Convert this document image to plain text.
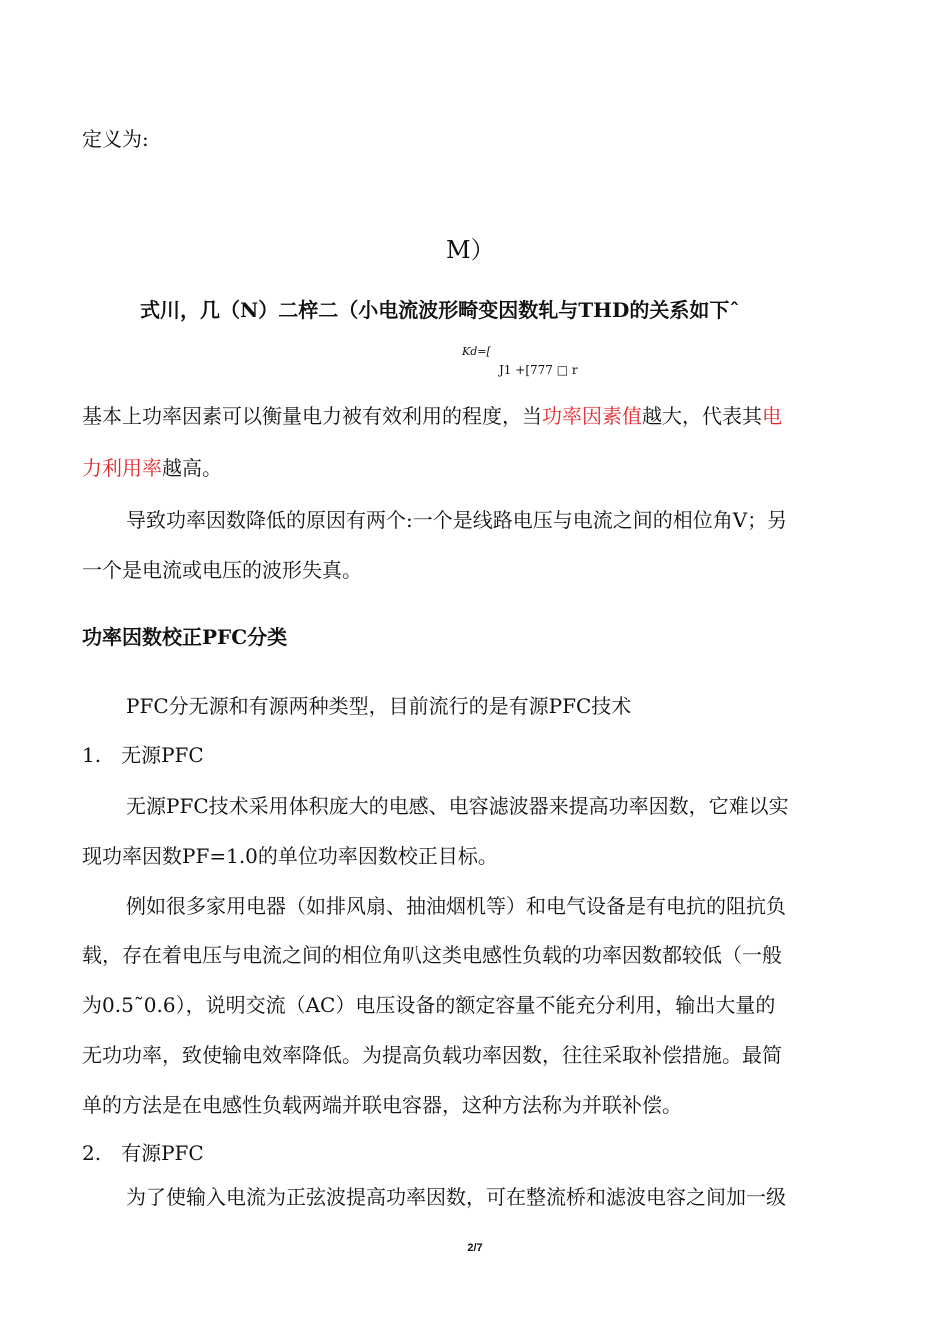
定义为:
M）
式川，几（N）二梓二（小电流波形畸变因数轧与THD的关系如下ˆ
Kd=[
J1 +[777 □ r
基本上功率因素可以衡量电力被有效利用的程度，当功率因素值越大，代表其电
力利用率越高。
导致功率因数降低的原因有两个:一个是线路电压与电流之间的相位角V；另
一个是电流或电压的波形失真。
功率因数校正PFC分类
PFC分无源和有源两种类型，目前流行的是有源PFC技术
1. 无源PFC
无源PFC技术采用体积庞大的电感、电容滤波器来提高功率因数，它难以实
现功率因数PF=1.0的单位功率因数校正目标。
例如很多家用电器（如排风扇、抽油烟机等）和电气设备是有电抗的阻抗负
载，存在着电压与电流之间的相位角叭这类电感性负载的功率因数都较低（一般
为0.5˜0.6），说明交流（AC）电压设备的额定容量不能充分利用，输出大量的
无功功率，致使输电效率降低。为提高负载功率因数，往往采取补偿措施。最简
单的方法是在电感性负载两端并联电容器，这种方法称为并联补偿。
2. 有源PFC
为了使输入电流为正弦波提高功率因数，可在整流桥和滤波电容之间加一级
2/7
